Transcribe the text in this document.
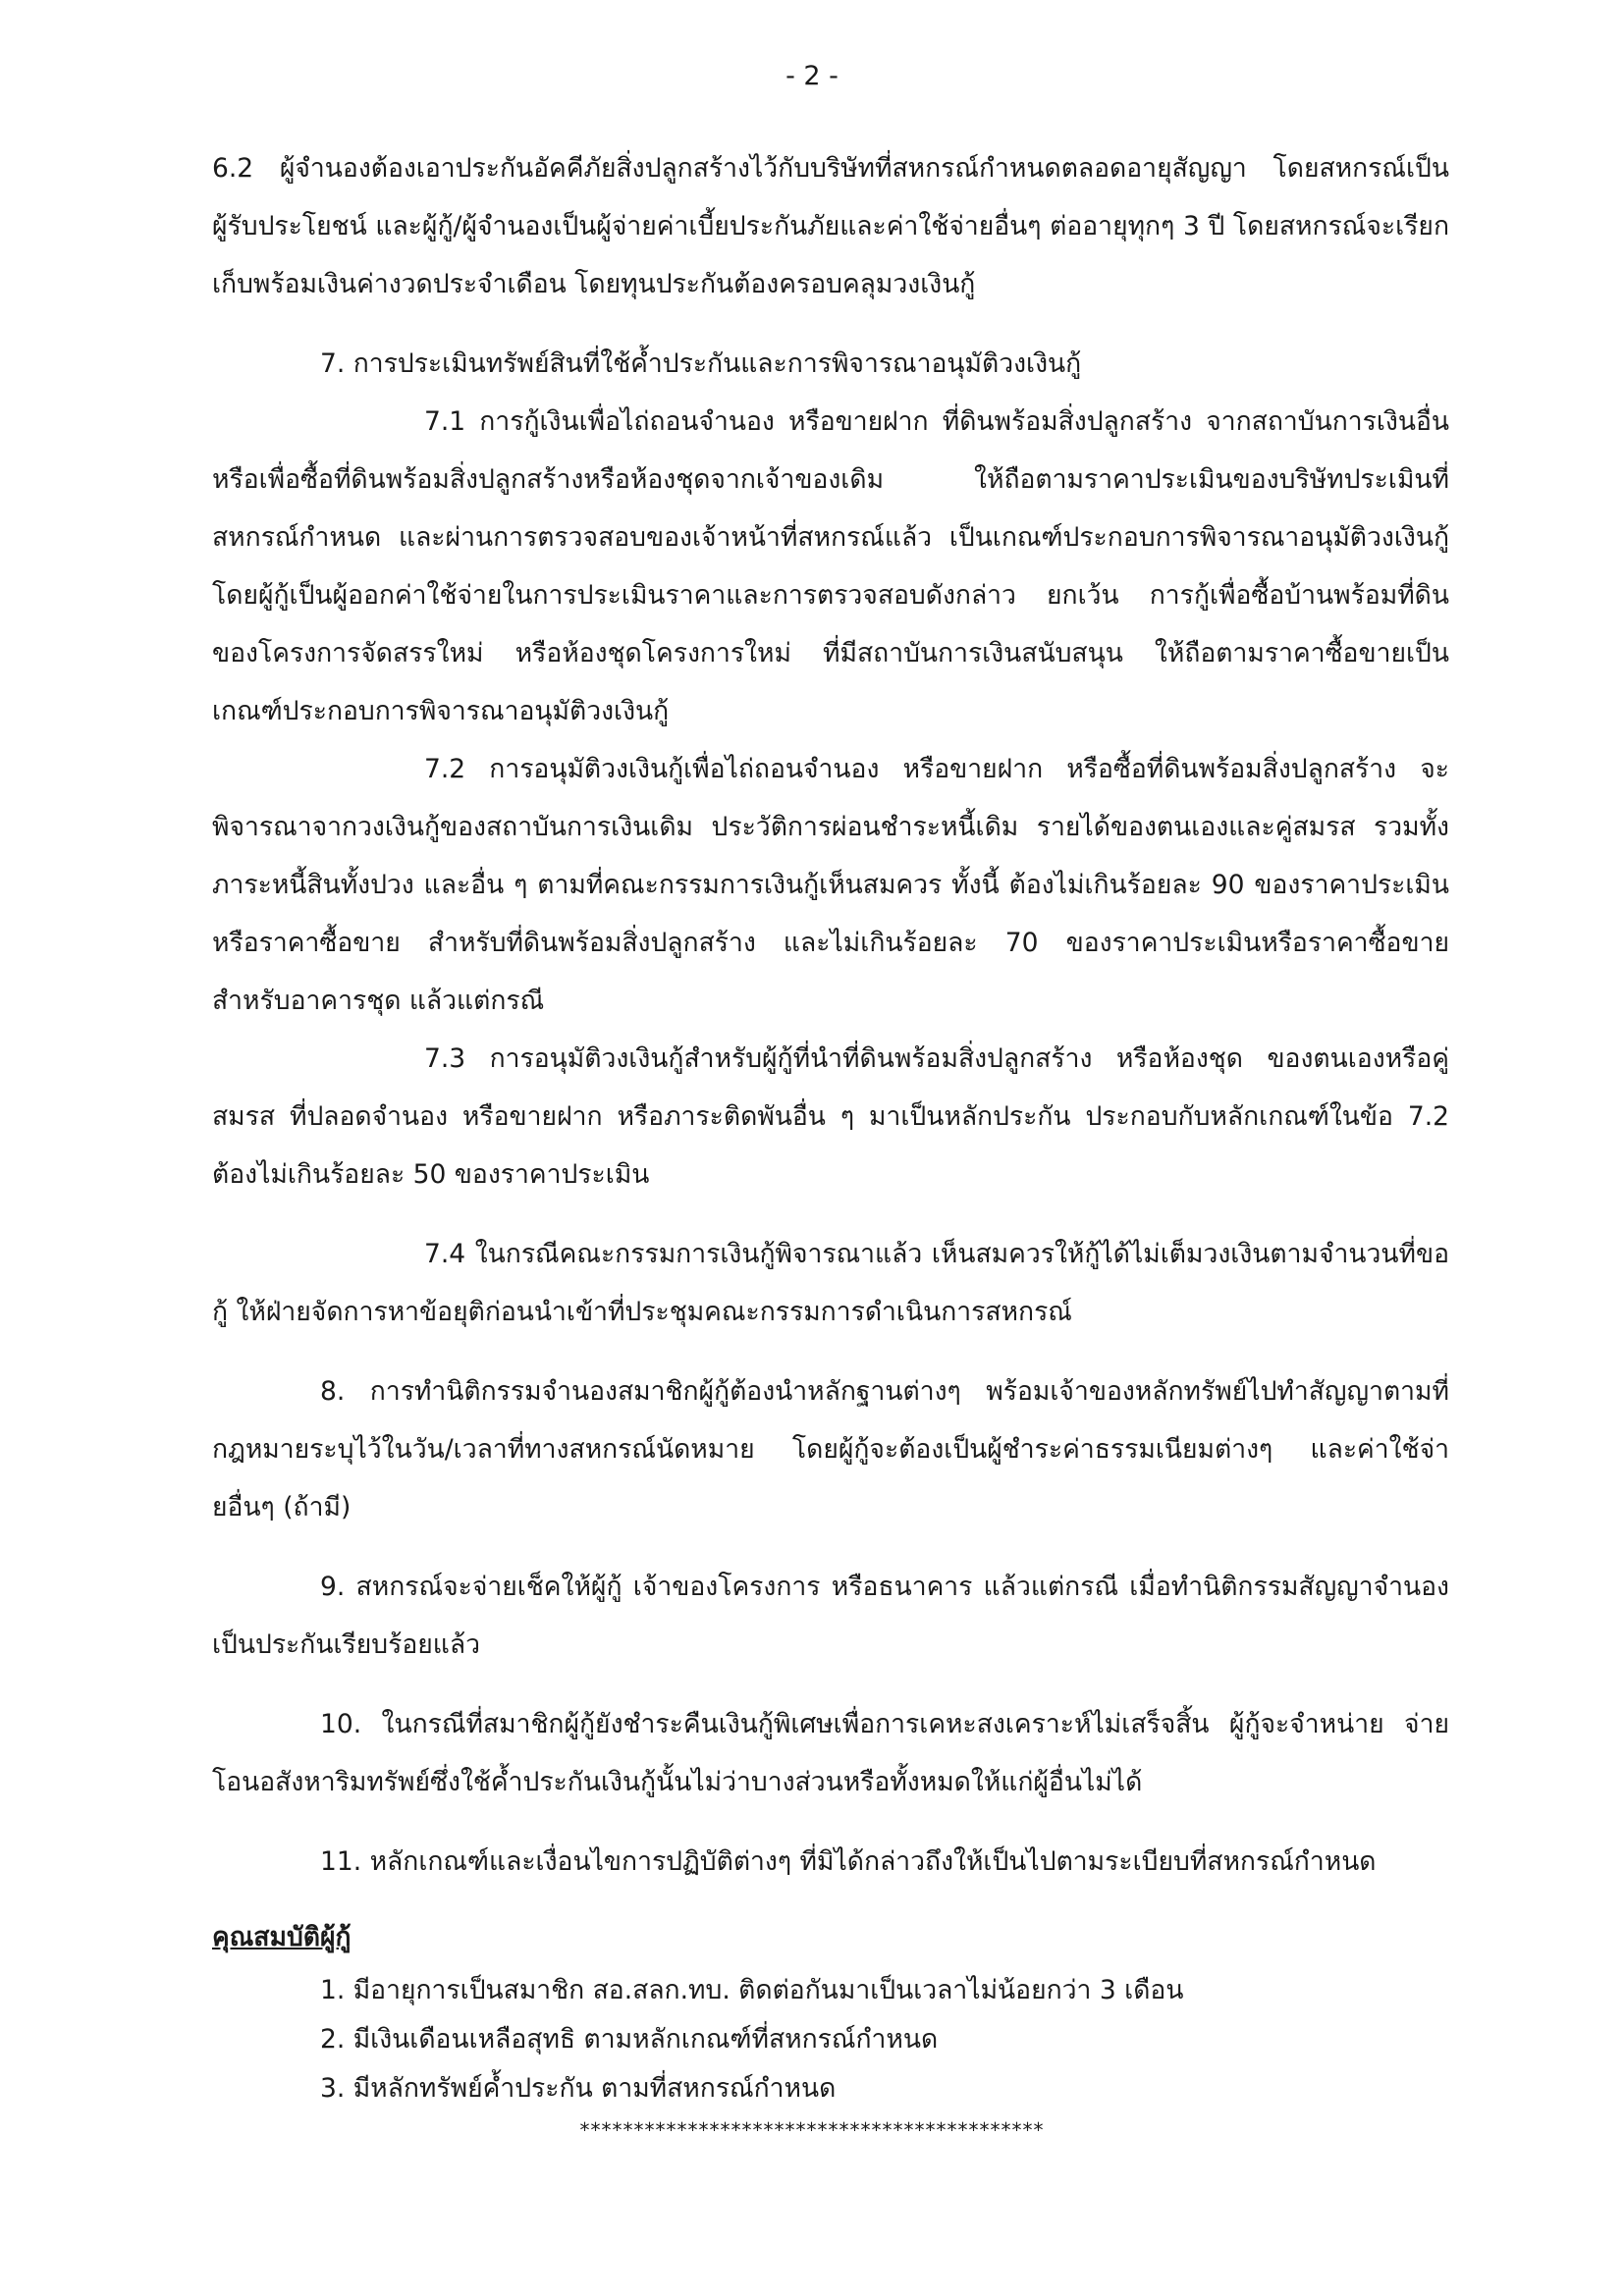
- 2 -

6.2 ผู้จำนองต้องเอาประกันอัคคีภัยสิ่งปลูกสร้างไว้กับบริษัทที่สหกรณ์กำหนดตลอดอายุสัญญา โดยสหกรณ์เป็นผู้รับประโยชน์ และผู้กู้/ผู้จำนองเป็นผู้จ่ายค่าเบี้ยประกันภัยและค่าใช้จ่ายอื่นๆ ต่ออายุทุกๆ 3 ปี โดยสหกรณ์จะเรียกเก็บพร้อมเงินค่างวดประจำเดือน โดยทุนประกันต้องครอบคลุมวงเงินกู้

7. การประเมินทรัพย์สินที่ใช้ค้ำประกันและการพิจารณาอนุมัติวงเงินกู้

7.1 การกู้เงินเพื่อไถ่ถอนจำนอง หรือขายฝาก ที่ดินพร้อมสิ่งปลูกสร้าง จากสถาบันการเงินอื่น หรือเพื่อซื้อที่ดินพร้อมสิ่งปลูกสร้างหรือห้องชุดจากเจ้าของเดิม ให้ถือตามราคาประเมินของบริษัทประเมินที่สหกรณ์กำหนด และผ่านการตรวจสอบของเจ้าหน้าที่สหกรณ์แล้ว เป็นเกณฑ์ประกอบการพิจารณาอนุมัติวงเงินกู้ โดยผู้กู้เป็นผู้ออกค่าใช้จ่ายในการประเมินราคาและการตรวจสอบดังกล่าว ยกเว้น การกู้เพื่อซื้อบ้านพร้อมที่ดินของโครงการจัดสรรใหม่ หรือห้องชุดโครงการใหม่ ที่มีสถาบันการเงินสนับสนุน ให้ถือตามราคาซื้อขายเป็นเกณฑ์ประกอบการพิจารณาอนุมัติวงเงินกู้

7.2 การอนุมัติวงเงินกู้เพื่อไถ่ถอนจำนอง หรือขายฝาก หรือซื้อที่ดินพร้อมสิ่งปลูกสร้าง จะพิจารณาจากวงเงินกู้ของสถาบันการเงินเดิม ประวัติการผ่อนชำระหนี้เดิม รายได้ของตนเองและคู่สมรส รวมทั้ง ภาระหนี้สินทั้งปวง และอื่น ๆ ตามที่คณะกรรมการเงินกู้เห็นสมควร ทั้งนี้ ต้องไม่เกินร้อยละ 90 ของราคาประเมิน หรือราคาซื้อขาย สำหรับที่ดินพร้อมสิ่งปลูกสร้าง และไม่เกินร้อยละ 70 ของราคาประเมินหรือราคาซื้อขาย สำหรับอาคารชุด แล้วแต่กรณี

7.3 การอนุมัติวงเงินกู้สำหรับผู้กู้ที่นำที่ดินพร้อมสิ่งปลูกสร้าง หรือห้องชุด ของตนเองหรือคู่สมรส ที่ปลอดจำนอง หรือขายฝาก หรือภาระติดพันอื่น ๆ มาเป็นหลักประกัน ประกอบกับหลักเกณฑ์ในข้อ 7.2 ต้องไม่เกินร้อยละ 50 ของราคาประเมิน

7.4 ในกรณีคณะกรรมการเงินกู้พิจารณาแล้ว เห็นสมควรให้กู้ได้ไม่เต็มวงเงินตามจำนวนที่ขอกู้ ให้ฝ่ายจัดการหาข้อยุติก่อนนำเข้าที่ประชุมคณะกรรมการดำเนินการสหกรณ์

8. การทำนิติกรรมจำนองสมาชิกผู้กู้ต้องนำหลักฐานต่างๆ พร้อมเจ้าของหลักทรัพย์ไปทำสัญญาตามที่กฎหมายระบุไว้ในวัน/เวลาที่ทางสหกรณ์นัดหมาย โดยผู้กู้จะต้องเป็นผู้ชำระค่าธรรมเนียมต่างๆ และค่าใช้จ่ายอื่นๆ (ถ้ามี)

9. สหกรณ์จะจ่ายเช็คให้ผู้กู้ เจ้าของโครงการ หรือธนาคาร แล้วแต่กรณี เมื่อทำนิติกรรมสัญญาจำนองเป็นประกันเรียบร้อยแล้ว

10. ในกรณีที่สมาชิกผู้กู้ยังชำระคืนเงินกู้พิเศษเพื่อการเคหะสงเคราะห์ไม่เสร็จสิ้น ผู้กู้จะจำหน่าย จ่ายโอนอสังหาริมทรัพย์ซึ่งใช้ค้ำประกันเงินกู้นั้นไม่ว่าบางส่วนหรือทั้งหมดให้แก่ผู้อื่นไม่ได้

11. หลักเกณฑ์และเงื่อนไขการปฏิบัติต่างๆ ที่มิได้กล่าวถึงให้เป็นไปตามระเบียบที่สหกรณ์กำหนด

คุณสมบัติผู้กู้

1. มีอายุการเป็นสมาชิก สอ.สลก.ทบ. ติดต่อกันมาเป็นเวลาไม่น้อยกว่า 3 เดือน
2. มีเงินเดือนเหลือสุทธิ ตามหลักเกณฑ์ที่สหกรณ์กำหนด
3. มีหลักทรัพย์ค้ำประกัน ตามที่สหกรณ์กำหนด
*******************************************
